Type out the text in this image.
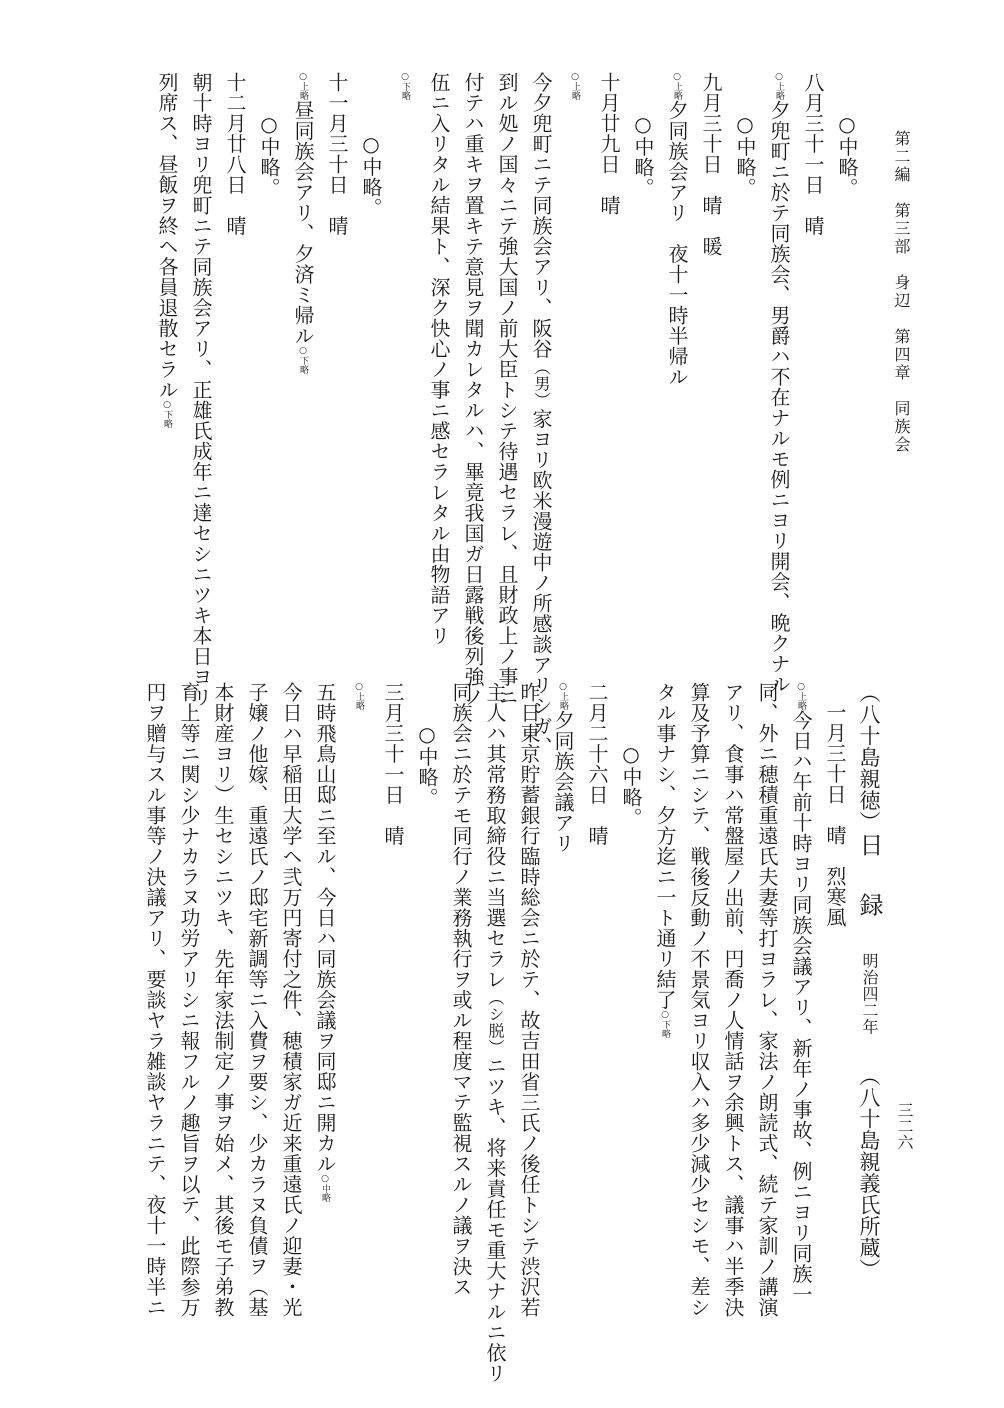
第二編　第三部　身辺　第四章　同族会
三二六
○中略。
八月三十一日　晴
○上略夕兜町ニ於テ同族会、男爵ハ不在ナルモ例ニヨリ開会、晩クナル
○中略。
九月三十日　晴　暖
○上略夕同族会アリ　夜十一時半帰ル
○中略。
十月廿九日　晴
○上略
今夕兜町ニテ同族会アリ、阪谷（男）家ヨリ欧米漫遊中ノ所感談アリシガ、
到ル処ノ国々ニテ強大国ノ前大臣トシテ待遇セラレ、且財政上ノ事ニ
付テハ重キヲ置キテ意見ヲ聞カレタルハ、畢竟我国ガ日露戦後列強ノ
伍ニ入リタル結果ト、深ク快心ノ事ニ感セラレタル由物語アリ
○下略
○中略。
十一月三十日　晴
○上略昼同族会アリ、夕済ミ帰ル○下略
○中略。
十二月廿八日　晴
朝十時ヨリ兜町ニテ同族会アリ、正雄氏成年ニ達セシニツキ本日ヨリ
列席ス、昼飯ヲ終ヘ各員退散セラル○下略
（八十島親徳）日　録明治四二年（八十島親義氏所蔵）
一月三十日　晴　烈寒風
○上略今日ハ午前十時ヨリ同族会議アリ、新年ノ事故、例ニヨリ同族一
同、外ニ穂積重遠氏夫妻等打ヨラレ、家法ノ朗読式、続テ家訓ノ講演
アリ、食事ハ常盤屋ノ出前、円喬ノ人情話ヲ余興トス、議事ハ半季決
算及予算ニシテ、戦後反動ノ不景気ヨリ収入ハ多少減少セシモ、差シ
タル事ナシ、夕方迄ニ一ト通リ結了○下略
○中略。
二月二十六日　晴
○上略夕同族会議アリ
昨日東京貯蓄銀行臨時総会ニ於テ、故吉田省三氏ノ後任トシテ渋沢若
主人ハ其常務取締役ニ当選セラレ（シ脱）ニツキ、将来責任モ重大ナルニ依リ
同族会ニ於テモ同行ノ業務執行ヲ或ル程度マテ監視スルノ議ヲ決ス
○中略。
三月三十一日　晴
○上略
五時飛鳥山邸ニ至ル、今日ハ同族会議ヲ同邸ニ開カル○中略
今日ハ早稲田大学ヘ弐万円寄付之件、穂積家ガ近来重遠氏ノ迎妻・光
子嬢ノ他嫁、重遠氏ノ邸宅新調等ニ入費ヲ要シ、少カラヌ負債ヲ（基
本財産ヨリ）生セシニツキ、先年家法制定ノ事ヲ始メ、其後モ子弟教
育上等ニ関シ少ナカラヌ功労アリシニ報フルノ趣旨ヲ以テ、此際参万
円ヲ贈与スル事等ノ決議アリ、要談ヤラ雑談ヤラニテ、夜十一時半ニ
